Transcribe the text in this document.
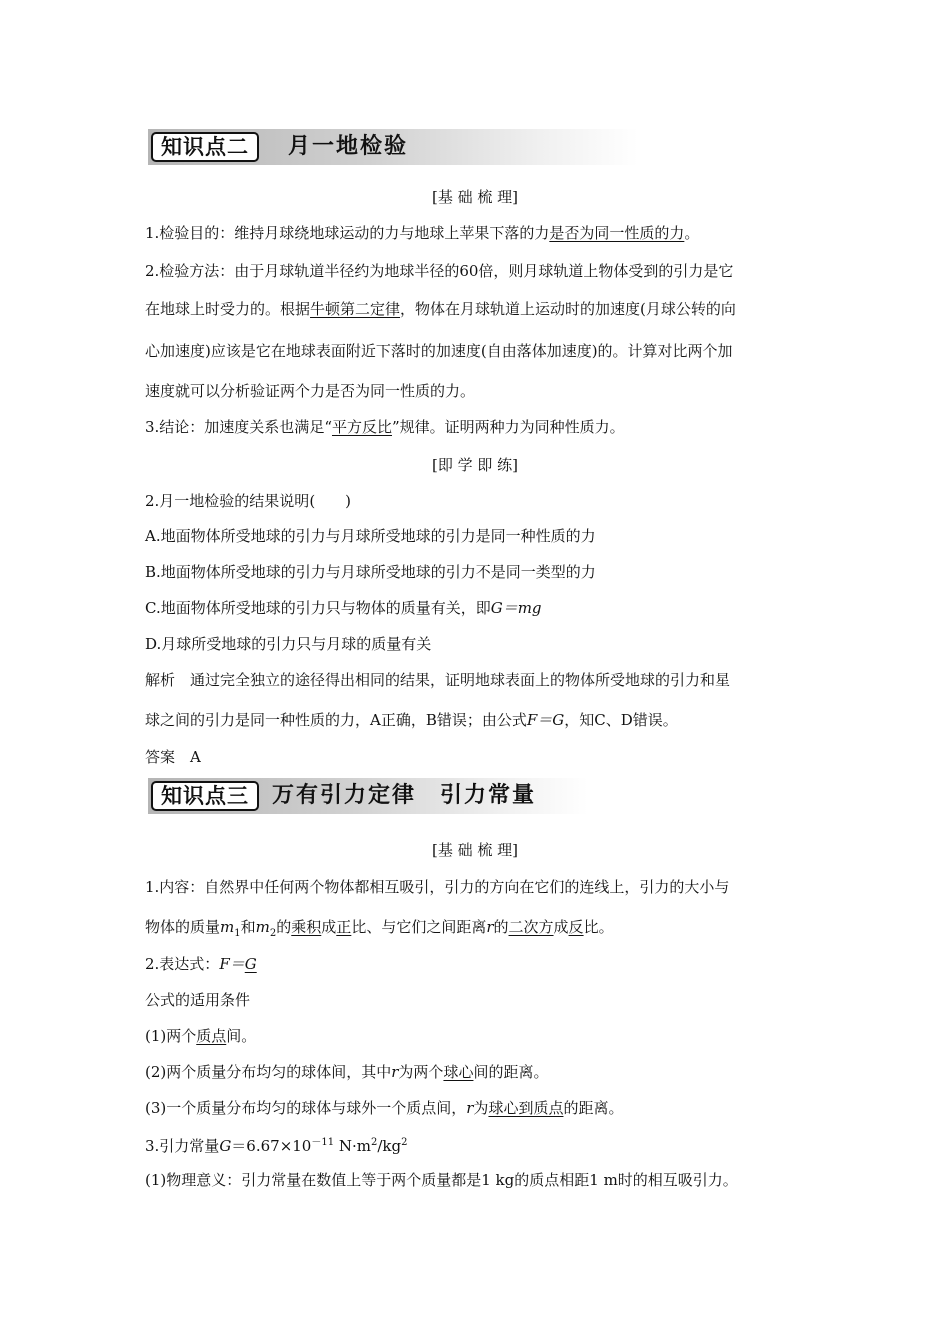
知识点二	月一地检验
[基 础 梳 理]
1.检验目的：维持月球绕地球运动的力与地球上苹果下落的力是否为同一性质的力。
2.检验方法：由于月球轨道半径约为地球半径的60倍，则月球轨道上物体受到的引力是它
在地球上时受力的。根据牛顿第二定律，物体在月球轨道上运动时的加速度(月球公转的向
心加速度)应该是它在地球表面附近下落时的加速度(自由落体加速度)的。计算对比两个加
速度就可以分析验证两个力是否为同一性质的力。
3.结论：加速度关系也满足“平方反比”规律。证明两种力为同种性质力。
[即 学 即 练]
2.月一地检验的结果说明(　　)
A.地面物体所受地球的引力与月球所受地球的引力是同一种性质的力
B.地面物体所受地球的引力与月球所受地球的引力不是同一类型的力
C.地面物体所受地球的引力只与物体的质量有关，即G＝mg
D.月球所受地球的引力只与月球的质量有关
解析　通过完全独立的途径得出相同的结果，证明地球表面上的物体所受地球的引力和星
球之间的引力是同一种性质的力，A正确，B错误；由公式F＝G，知C、D错误。
答案　A
知识点三	万有引力定律　引力常量
[基 础 梳 理]
1.内容：自然界中任何两个物体都相互吸引，引力的方向在它们的连线上，引力的大小与
物体的质量$m_1$和$m_2$的乘积成正比、与它们之间距离r的二次方成反比。
2.表达式：F＝G
公式的适用条件
(1)两个质点间。
(2)两个质量分布均匀的球体间，其中r为两个球心间的距离。
(3)一个质量分布均匀的球体与球外一个质点间，r为球心到质点的距离。
3.引力常量$G=6.67\times 10^{-11}$ $N\cdot m^2/kg^2$
(1)物理意义：引力常量在数值上等于两个质量都是1 kg的质点相距1 m时的相互吸引力。
